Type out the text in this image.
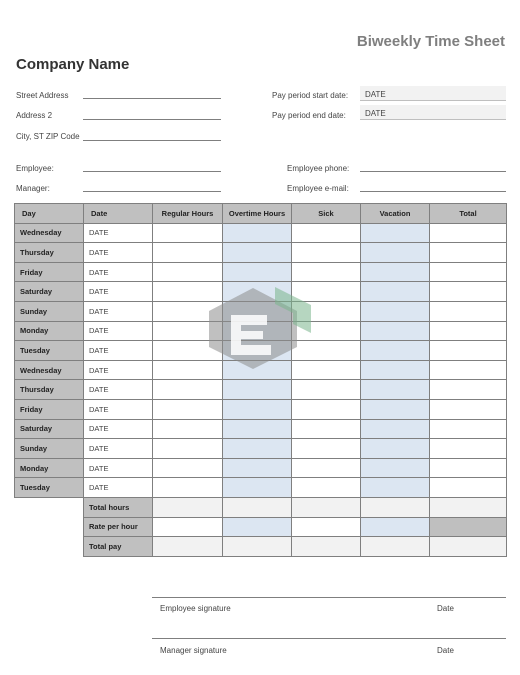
Biweekly Time Sheet
Company Name
Street Address
Address 2
City, ST ZIP Code
Employee:
Manager:
Pay period start date:	DATE
Pay period end date:	DATE
Employee phone:
Employee e-mail:
Day	Date	Regular Hours	Overtime Hours	Sick	Vacation	Total
Wednesday	DATE					
Thursday	DATE					
Friday	DATE					
Saturday	DATE					
Sunday	DATE					
Monday	DATE					
Tuesday	DATE					
Wednesday	DATE					
Thursday	DATE					
Friday	DATE					
Saturday	DATE					
Sunday	DATE					
Monday	DATE					
Tuesday	DATE					
	Total hours					
	Rate per hour					
	Total pay					
Employee signature	Date
Manager signature	Date
